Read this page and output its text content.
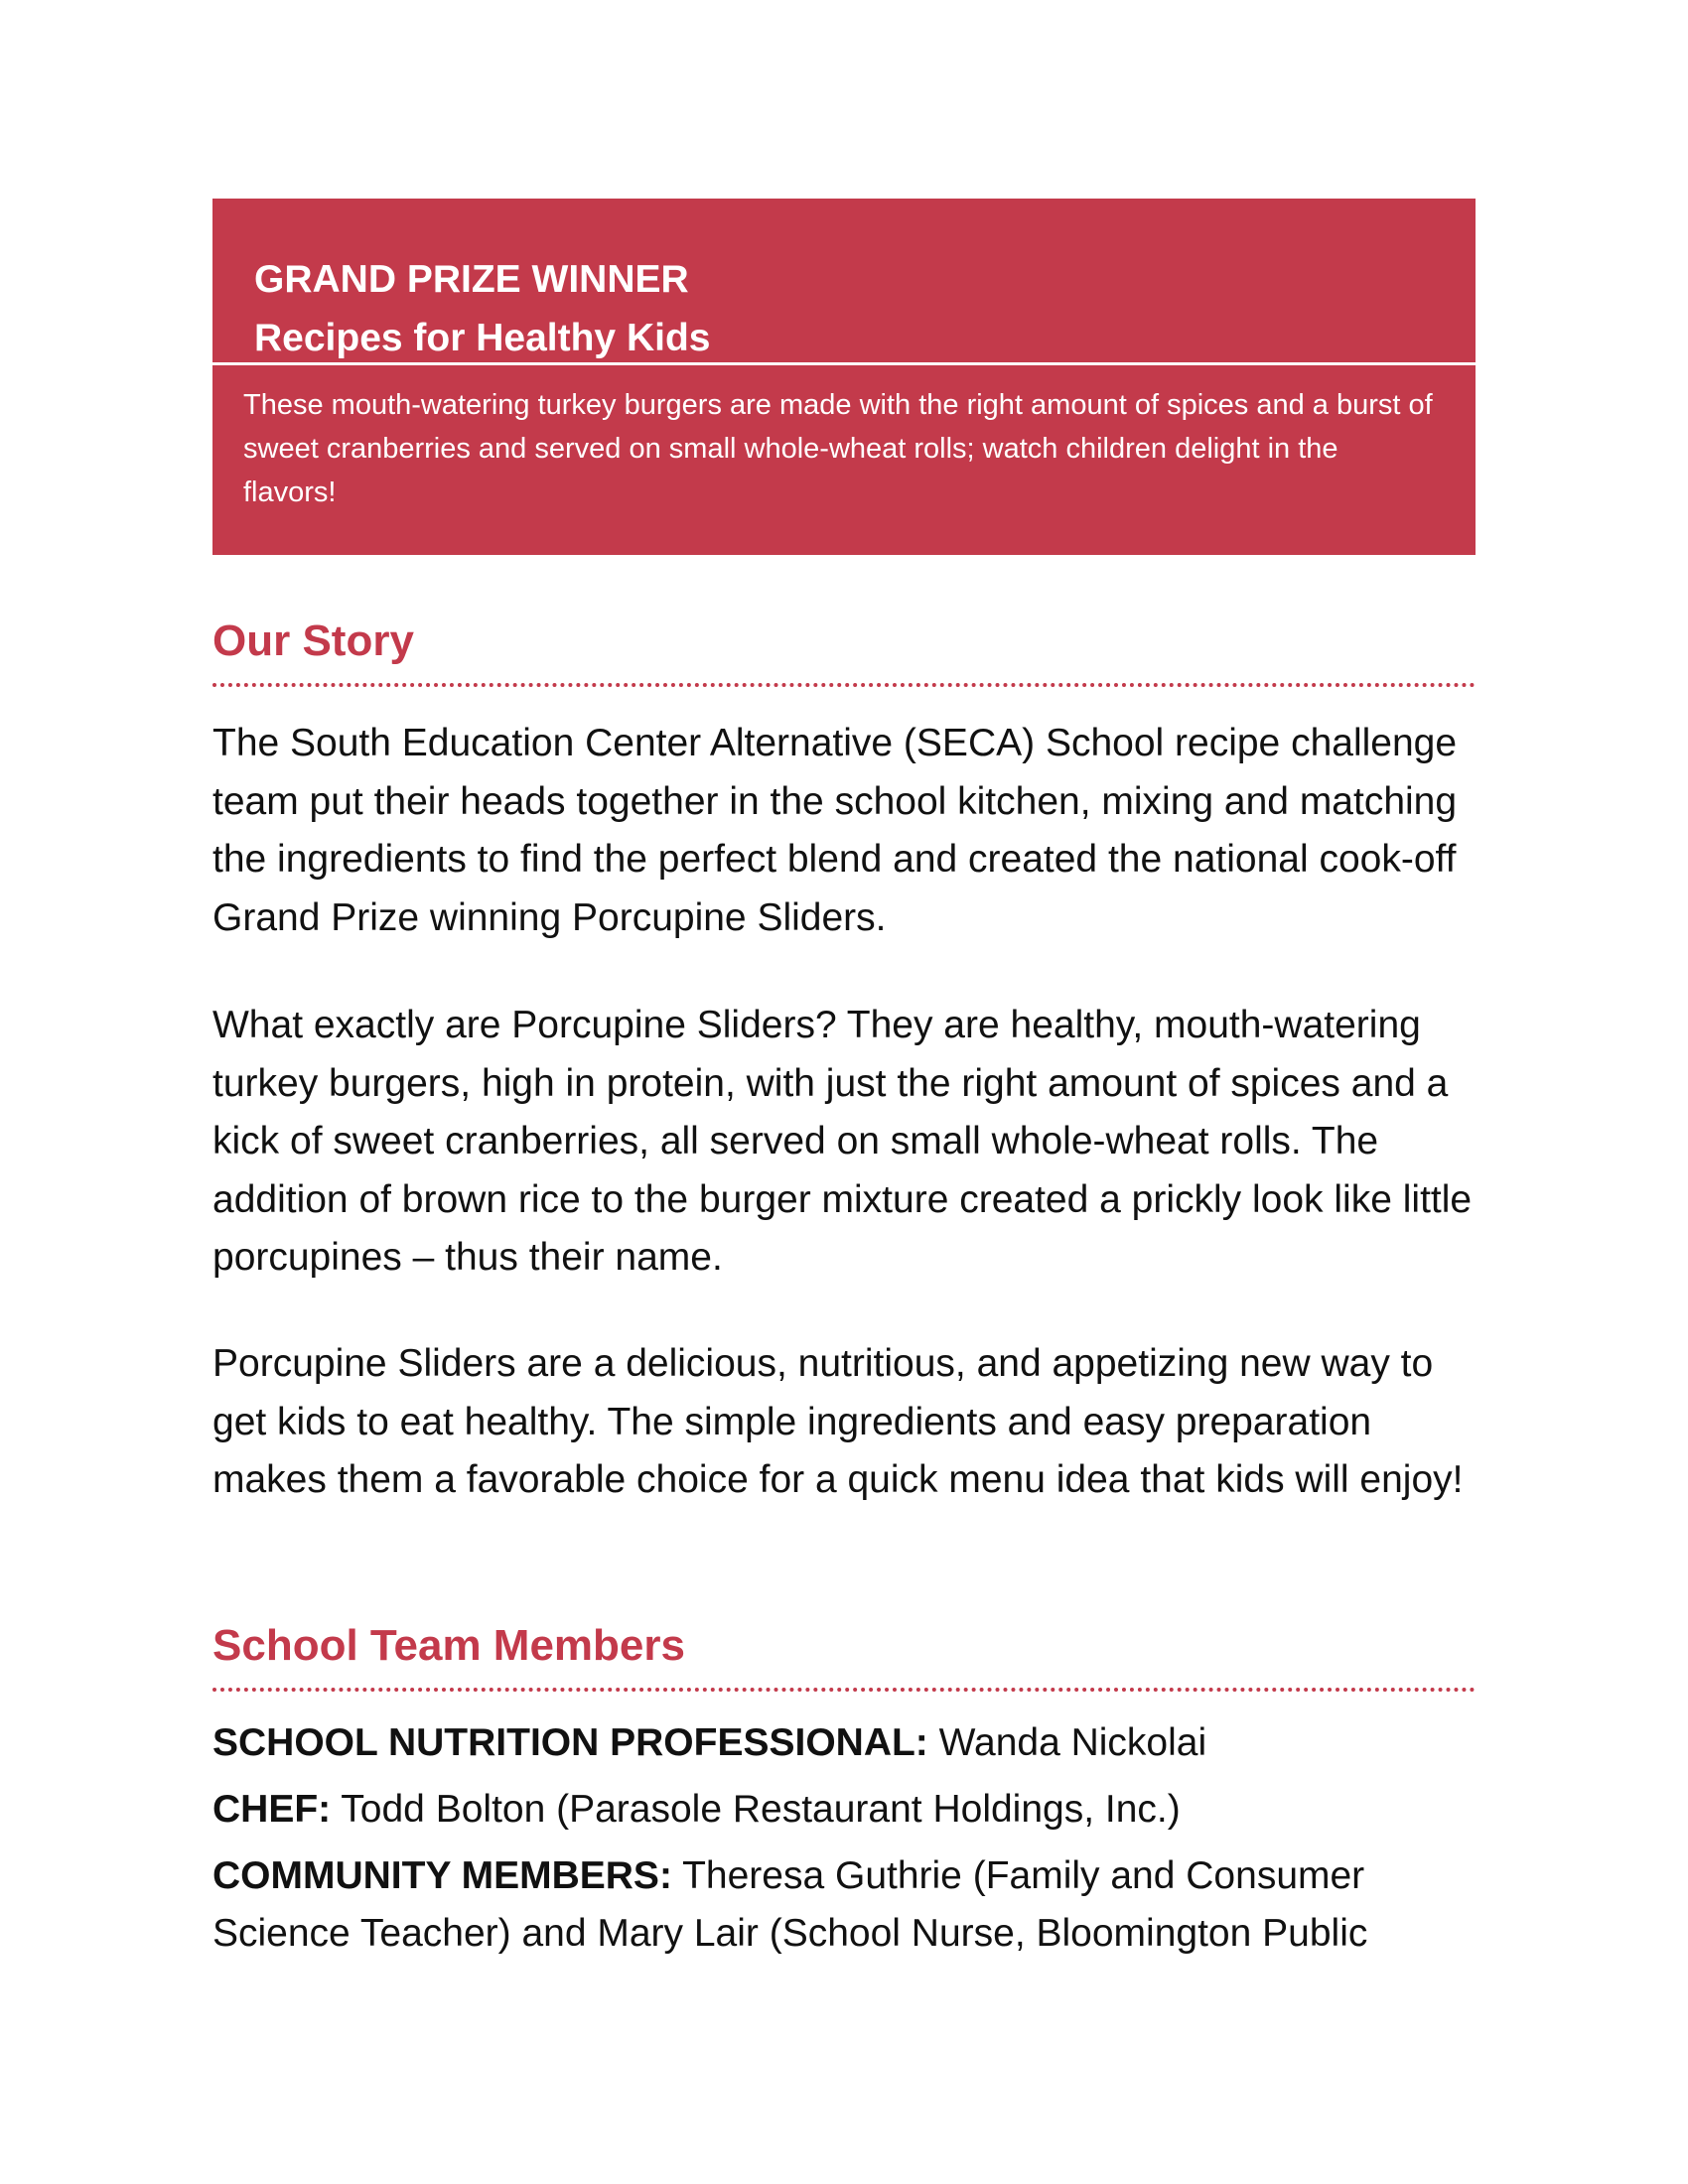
GRAND PRIZE WINNER

Recipes for Healthy Kids

These mouth-watering turkey burgers are made with the right amount of spices and a burst of sweet cranberries and served on small whole-wheat rolls; watch children delight in the flavors!
Our Story

The South Education Center Alternative (SECA) School recipe challenge team put their heads together in the school kitchen, mixing and matching the ingredients to find the perfect blend and created the national cook-off Grand Prize winning Porcupine Sliders.

What exactly are Porcupine Sliders? They are healthy, mouth-watering turkey burgers, high in protein, with just the right amount of spices and a kick of sweet cranberries, all served on small whole-wheat rolls. The addition of brown rice to the burger mixture created a prickly look like little porcupines – thus their name.

Porcupine Sliders are a delicious, nutritious, and appetizing new way to get kids to eat healthy. The simple ingredients and easy preparation makes them a favorable choice for a quick menu idea that kids will enjoy!

School Team Members

SCHOOL NUTRITION PROFESSIONAL: Wanda Nickolai

CHEF: Todd Bolton (Parasole Restaurant Holdings, Inc.)

COMMUNITY MEMBERS: Theresa Guthrie (Family and Consumer Science Teacher) and Mary Lair (School Nurse, Bloomington Public
